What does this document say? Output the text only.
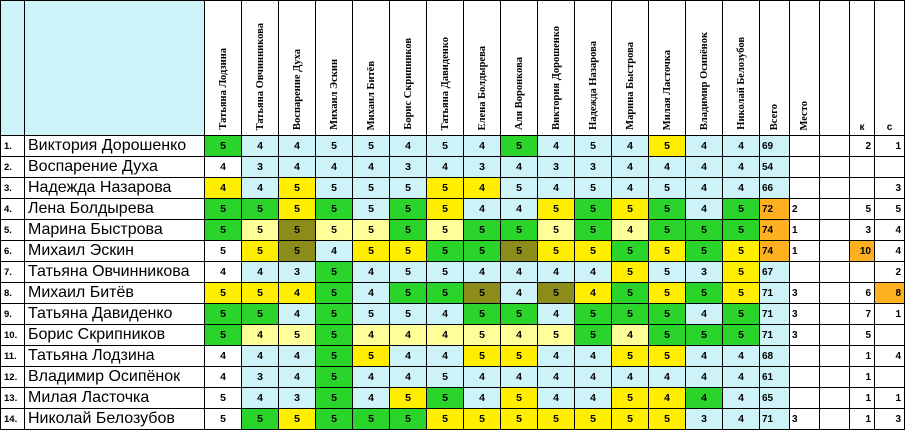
		Татьяна Лодзина	Татьяна Овчинникова	Воспарение Духа	Михаил Эскин	Михаил Битёв	Борис Скрипников	Татьяна Давиденко	Елена Болдырева	Аля Воронкова	Виктория Дорошенко	Надежда Назарова	Марина Быстрова	Милая Ласточка	Владимир Осипёнок	Николай Белозубов	Всего	Место		к	с

1.	Виктория Дорошенко	5	4	4	5	5	4	5	4	5	4	5	4	5	4	4	69			2	1
2.	Воспарение Духа	4	3	4	4	4	3	4	3	4	3	3	4	4	4	4	54				
3.	Надежда Назарова	4	4	5	5	5	5	5	4	5	4	5	4	5	4	4	66				3
4.	Лена Болдырева	5	5	5	5	5	5	5	4	4	5	5	5	5	4	5	72	2		5	5
5.	Марина Быстрова	5	5	5	5	5	5	5	5	5	5	5	4	5	5	5	74	1		3	4
6.	Михаил Эскин	5	5	5	4	5	5	5	5	5	5	5	5	5	5	5	74	1		10	4
7.	Татьяна Овчинникова	4	4	3	5	4	5	5	4	4	4	4	5	5	3	5	67				2
8.	Михаил Битёв	5	5	4	5	4	5	5	5	4	5	4	5	5	5	5	71	3		6	8
9.	Татьяна Давиденко	5	5	4	5	5	5	4	5	5	4	5	5	5	4	5	71	3		7	1
10.	Борис Скрипников	5	4	5	5	4	4	4	5	4	5	5	4	5	5	5	71	3		5	
11.	Татьяна Лодзина	4	4	4	5	5	4	4	5	5	4	4	5	5	4	4	68			1	4
12.	Владимир Осипёнок	4	3	4	5	4	4	5	4	4	4	4	4	4	4	4	61			1	
13.	Милая Ласточка	5	4	3	5	4	5	5	4	5	4	4	5	4	4	4	65			1	1
14.	Николай Белозубов	5	5	5	5	5	5	5	5	5	5	5	5	5	3	4	71	3		1	3
